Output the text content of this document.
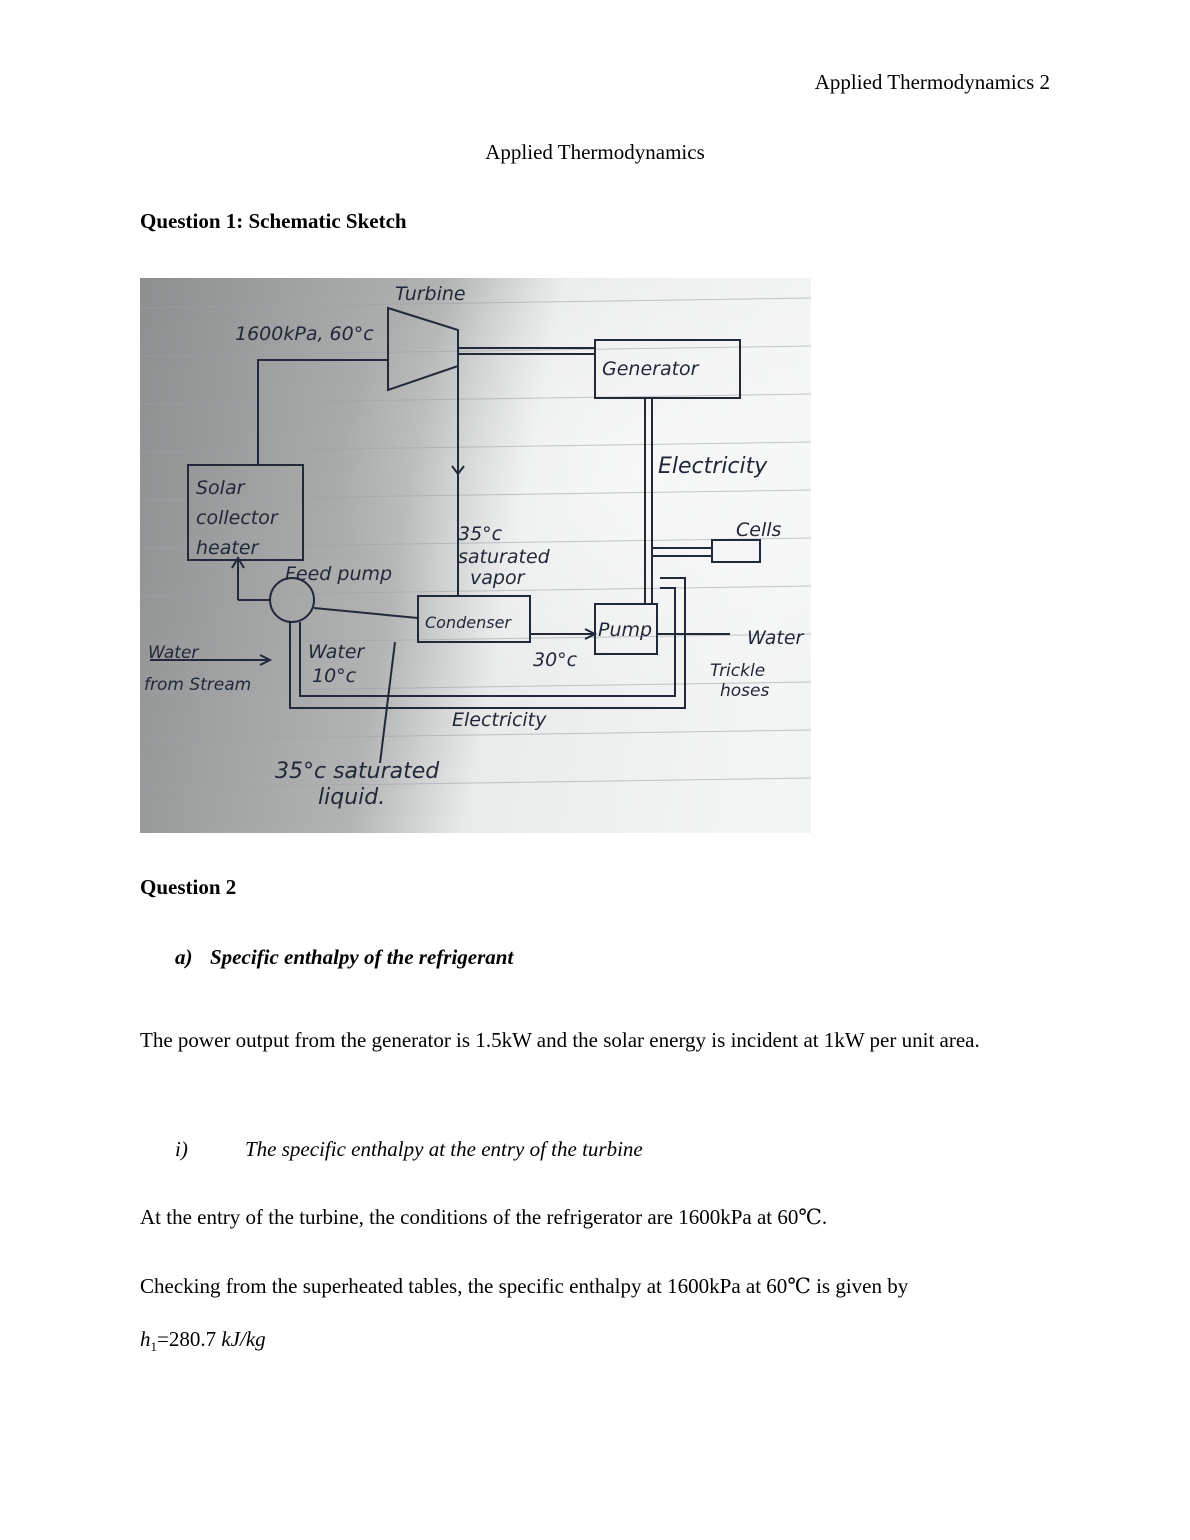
Applied Thermodynamics 2
Applied Thermodynamics
Question 1: Schematic Sketch
Turbine
1600kPa, 60°c
Generator
Electricity
Cells
Solar
collector
heater
35°c
saturated
vapor
Feed pump
Condenser	Pump	Water
Trickle
hoses
Water
from Stream
Water
10°c
30°c
Electricity
35°c saturated
liquid.
Question 2
a) Specific enthalpy of the refrigerant
The power output from the generator is 1.5kW and the solar energy is incident at 1kW per unit area.
i)	The specific enthalpy at the entry of the turbine
At the entry of the turbine, the conditions of the refrigerator are 1600kPa at 60℃.
Checking from the superheated tables, the specific enthalpy at 1600kPa at 60℃ is given by
$h_1=280.7$ kJ/kg
